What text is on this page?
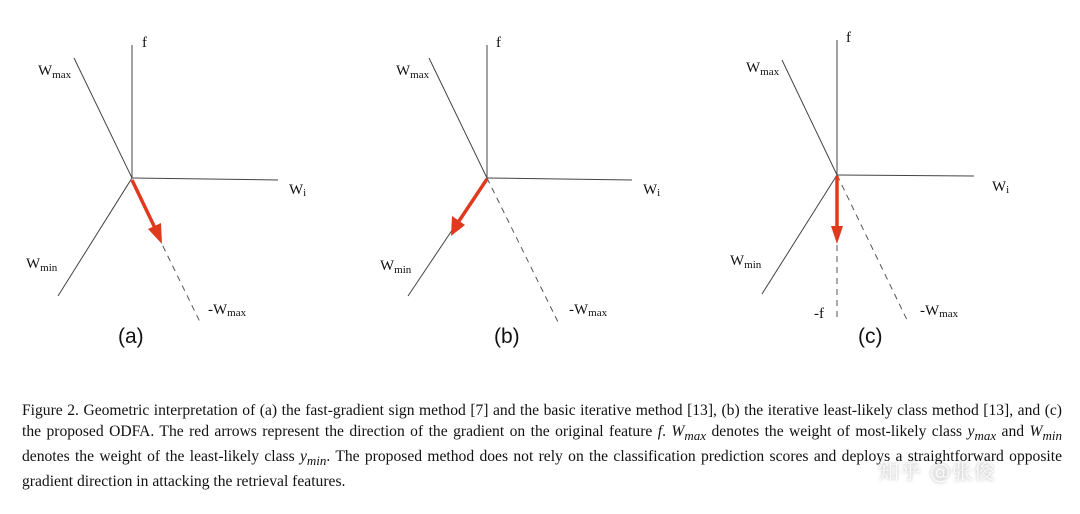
f
$W_{max}$
Wi
$W_{min}$
-Wmax
(a)
f
$W_{max}$
Wi
$W_{min}$
-Wmax
(b)
f
$W_{max}$
Wi
$W_{min}$
-Wmax
-f
(c)

Figure 2. Geometric interpretation of (a) the fast-gradient sign method [7] and the basic iterative method [13], (b) the iterative least-likely class method [13], and (c) the proposed ODFA. The red arrows represent the direction of the gradient on the original feature f. $W_{max}$ denotes the weight of most-likely class $y_{max}$ and $W_{min}$ denotes the weight of the least-likely class $y_{min}$. The proposed method does not rely on the classification prediction scores and deploys a straightforward opposite gradient direction in attacking the retrieval features.	知乎 @张俊
